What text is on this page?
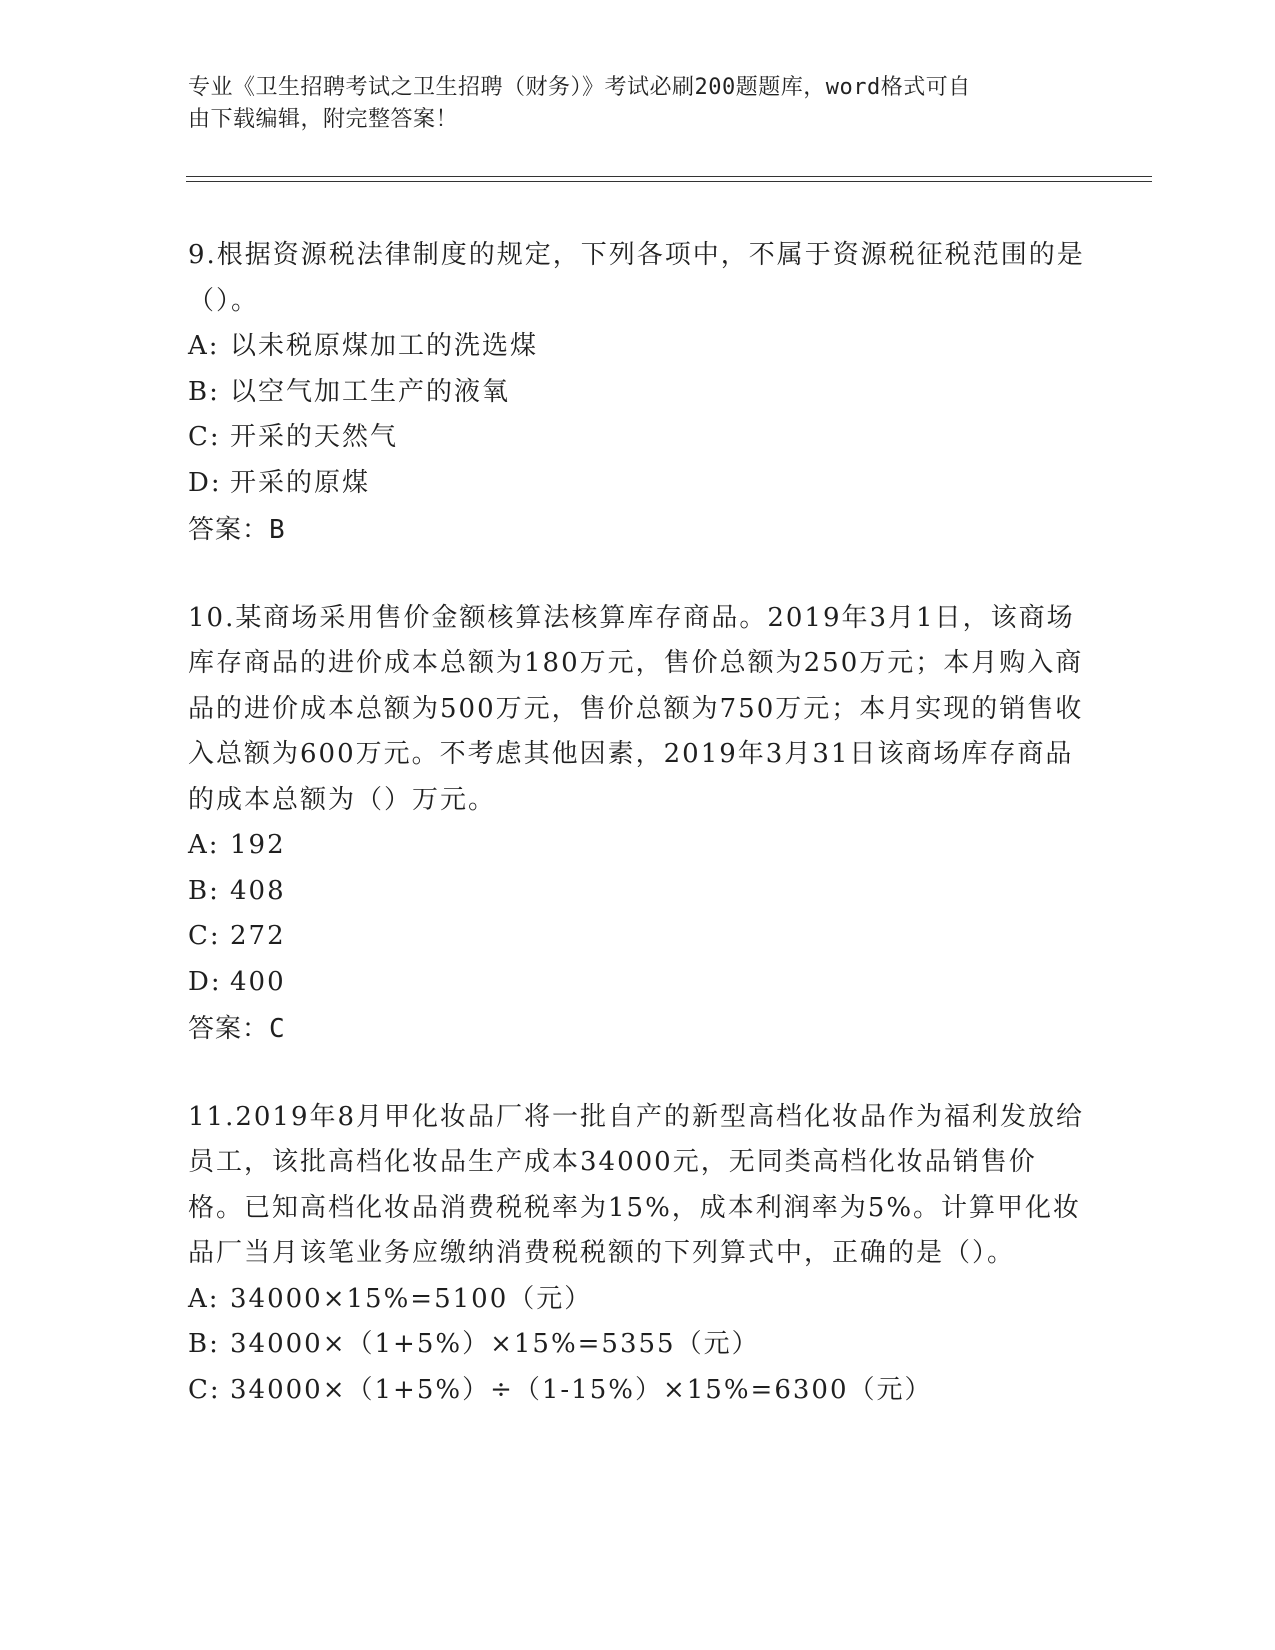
专业《卫生招聘考试之卫生招聘（财务）》考试必刷200题题库，word格式可自
由下载编辑，附完整答案！
9.根据资源税法律制度的规定，下列各项中，不属于资源税征税范围的是（）。
A: 以未税原煤加工的洗选煤
B: 以空气加工生产的液氧
C: 开采的天然气
D: 开采的原煤
答案：B
10.某商场采用售价金额核算法核算库存商品。2019年3月1日，该商场库存商品的进价成本总额为180万元，售价总额为250万元；本月购入商品的进价成本总额为500万元，售价总额为750万元；本月实现的销售收入总额为600万元。不考虑其他因素，2019年3月31日该商场库存商品的成本总额为（）万元。
A: 192
B: 408
C: 272
D: 400
答案：C
11.2019年8月甲化妆品厂将一批自产的新型高档化妆品作为福利发放给员工，该批高档化妆品生产成本34000元，无同类高档化妆品销售价格。已知高档化妆品消费税税率为15%，成本利润率为5%。计算甲化妆品厂当月该笔业务应缴纳消费税税额的下列算式中，正确的是（）。
A: 34000×15%=5100（元）
B: 34000×（1+5%）×15%=5355（元）
C: 34000×（1+5%）÷（1-15%）×15%=6300（元）
